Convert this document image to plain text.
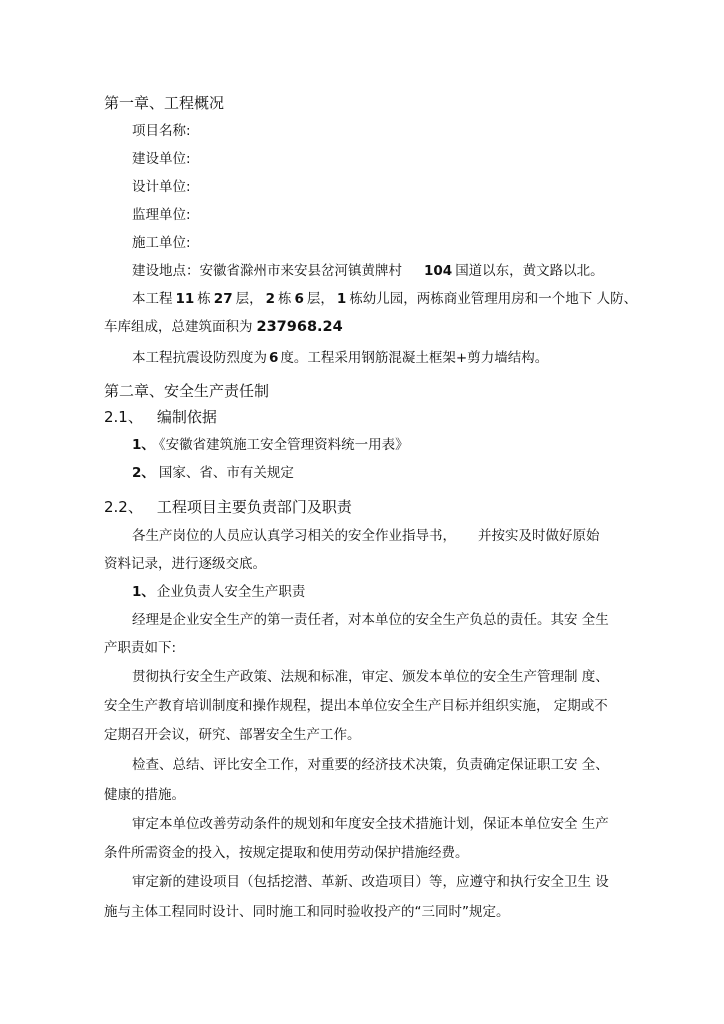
第一章、工程概况
项目名称:
建设单位:
设计单位:
监理单位:
施工单位:
建设地点：安徽省滁州市来安县岔河镇黄牌村 104 国道以东，黄文路以北。
本工程 11 栋 27 层， 2 栋 6 层， 1 栋幼儿园，两栋商业管理用房和一个地下 人防、
车库组成，总建筑面积为 237968.24
本工程抗震设防烈度为 6 度。工程采用钢筋混凝土框架+剪力墙结构。
第二章、安全生产责任制
2.1、 编制依据
1、 《安徽省建筑施工安全管理资料统一用表》
2、 国家、省、市有关规定
2.2、 工程项目主要负责部门及职责
各生产岗位的人员应认真学习相关的安全作业指导书， 并按实及时做好原始
资料记录，进行逐级交底。
1、 企业负责人安全生产职责
经理是企业安全生产的第一责任者，对本单位的安全生产负总的责任。其安 全生
产职责如下:
贯彻执行安全生产政策、法规和标准，审定、颁发本单位的安全生产管理制 度、
安全生产教育培训制度和操作规程，提出本单位安全生产目标并组织实施， 定期或不
定期召开会议，研究、部署安全生产工作。
检查、总结、评比安全工作，对重要的经济技术决策，负责确定保证职工安 全、
健康的措施。
审定本单位改善劳动条件的规划和年度安全技术措施计划，保证本单位安全 生产
条件所需资金的投入，按规定提取和使用劳动保护措施经费。
审定新的建设项目（包括挖潜、革新、改造项目）等，应遵守和执行安全卫生 设
施与主体工程同时设计、同时施工和同时验收投产的“三同时”规定。
